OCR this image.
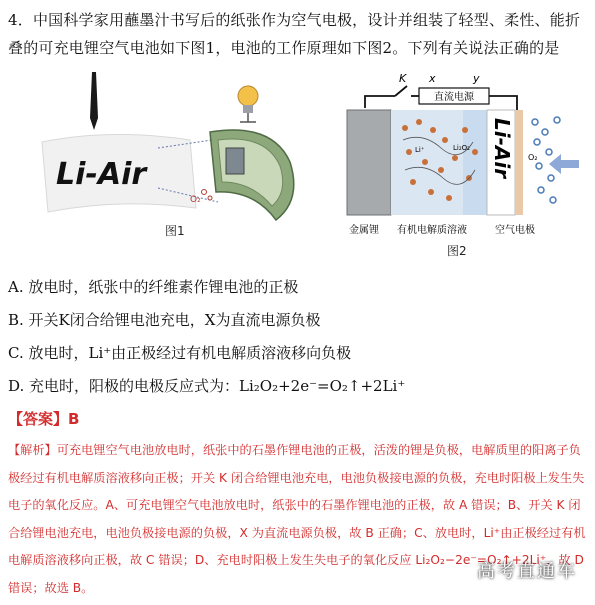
4．中国科学家用蘸墨汁书写后的纸张作为空气电极，设计并组装了轻型、柔性、能折叠的可充电锂空气电池如下图1，电池的工作原理如下图2。下列有关说法正确的是
Li-Air
O₂
图1
K x	y
直流电源
Li⁺	Li₂O₂ Li-Air O₂
金属锂 有机电解质溶液	空气电极
图2
A. 放电时，纸张中的纤维素作锂电池的正极
B. 开关K闭合给锂电池充电，X为直流电源负极
C. 放电时，Li⁺由正极经过有机电解质溶液移向负极
D. 充电时，阳极的电极反应式为：Li₂O₂+2e⁻=O₂↑+2Li⁺
【答案】B
【解析】可充电锂空气电池放电时，纸张中的石墨作锂电池的正极，活泼的锂是负极，电解质里的阳离子负极经过有机电解质溶液移向正极；开关 K 闭合给锂电池充电，电池负极接电源的负极，充电时阳极上发生失电子的氧化反应。A、可充电锂空气电池放电时，纸张中的石墨作锂电池的正极，故 A 错误；B、开关 K 闭合给锂电池充电，电池负极接电源的负极，X 为直流电源负极，故 B 正确；C、放电时，Li⁺由正极经过有机电解质溶液移向正极，故 C 错误；D、充电时阳极上发生失电子的氧化反应 Li₂O₂−2e⁻=O₂↑+2Li⁺，故 D 错误；故选 B。
高考直通车
